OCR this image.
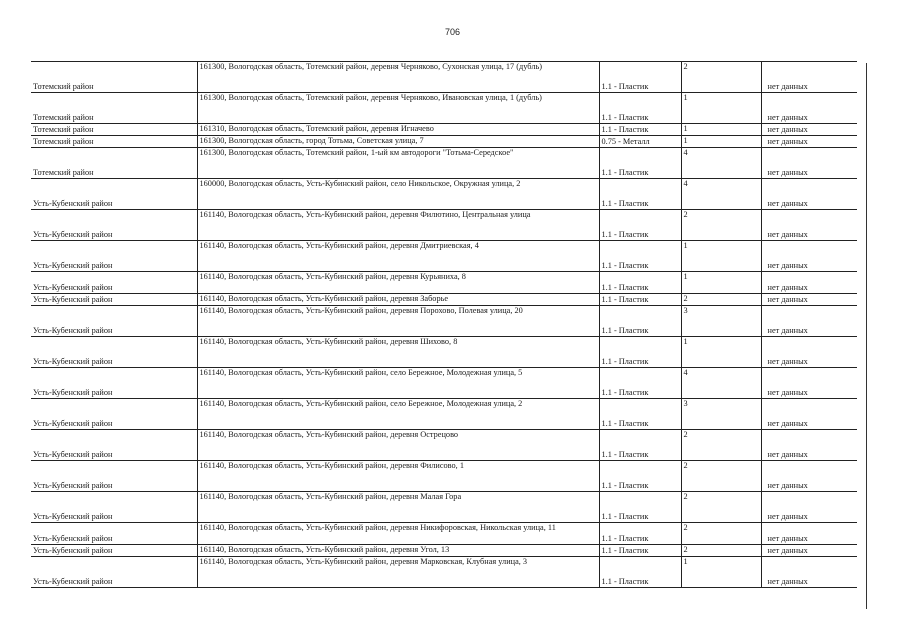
706
Тотемский район	161300, Вологодская область, Тотемский район, деревня Черняково, Сухонская улица, 17 (дубль)	1.1 - Пластик	2	нет данных
Тотемский район	161300, Вологодская область, Тотемский район, деревня Черняково, Ивановская улица, 1 (дубль)	1.1 - Пластик	1	нет данных
Тотемский район	161310, Вологодская область, Тотемский район, деревня Игначево	1.1 - Пластик	1	нет данных
Тотемский район	161300, Вологодская область, город Тотьма, Советская улица, 7	0.75 - Металл	1	нет данных
Тотемский район	161300, Вологодская область, Тотемский район, 1-ый км автодороги "Тотьма-Середское"	1.1 - Пластик	4	нет данных
Усть-Кубенский район	160000, Вологодская область, Усть-Кубинский район, село Никольское, Окружная улица, 2	1.1 - Пластик	4	нет данных
Усть-Кубенский район	161140, Вологодская область, Усть-Кубинский район, деревня Филютино, Центральная улица	1.1 - Пластик	2	нет данных
Усть-Кубенский район	161140, Вологодская область, Усть-Кубинский район, деревня Дмитриевская, 4	1.1 - Пластик	1	нет данных
Усть-Кубенский район	161140, Вологодская область, Усть-Кубинский район, деревня Курьяниха, 8	1.1 - Пластик	1	нет данных
Усть-Кубенский район	161140, Вологодская область, Усть-Кубинский район, деревня Заборье	1.1 - Пластик	2	нет данных
Усть-Кубенский район	161140, Вологодская область, Усть-Кубинский район, деревня Порохово, Полевая улица, 20	1.1 - Пластик	3	нет данных
Усть-Кубенский район	161140, Вологодская область, Усть-Кубинский район, деревня Шихово, 8	1.1 - Пластик	1	нет данных
Усть-Кубенский район	161140, Вологодская область, Усть-Кубинский район, село Бережное, Молодежная улица, 5	1.1 - Пластик	4	нет данных
Усть-Кубенский район	161140, Вологодская область, Усть-Кубинский район, село Бережное, Молодежная улица, 2	1.1 - Пластик	3	нет данных
Усть-Кубенский район	161140, Вологодская область, Усть-Кубинский район, деревня Острецово	1.1 - Пластик	2	нет данных
Усть-Кубенский район	161140, Вологодская область, Усть-Кубинский район, деревня Филисово, 1	1.1 - Пластик	2	нет данных
Усть-Кубенский район	161140, Вологодская область, Усть-Кубинский район, деревня Малая Гора	1.1 - Пластик	2	нет данных
Усть-Кубенский район	161140, Вологодская область, Усть-Кубинский район, деревня Никифоровская, Никольская улица, 11	1.1 - Пластик	2	нет данных
Усть-Кубенский район	161140, Вологодская область, Усть-Кубинский район, деревня Угол, 13	1.1 - Пластик	2	нет данных
Усть-Кубенский район	161140, Вологодская область, Усть-Кубинский район, деревня Марковская, Клубная улица, 3	1.1 - Пластик	1	нет данных
